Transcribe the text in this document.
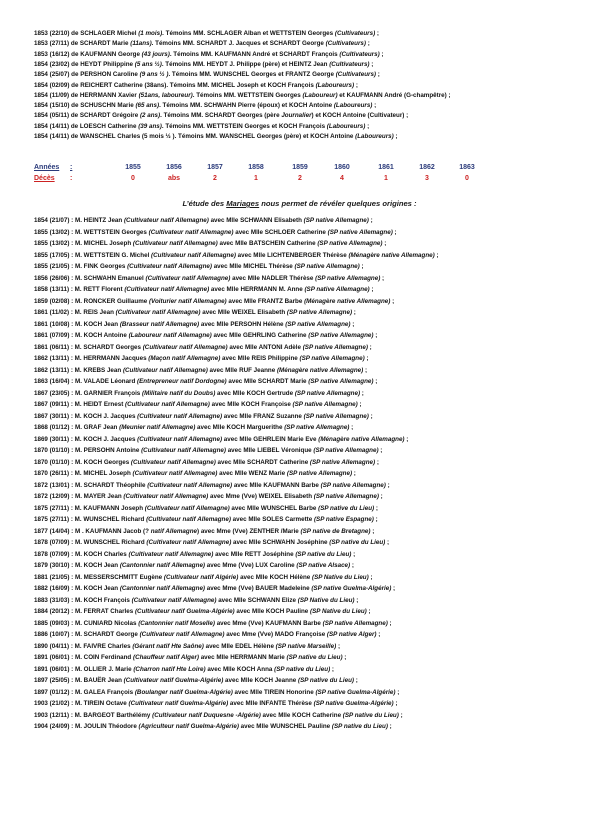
1853 (22/10) de SCHLAGER Michel (1 mois). Témoins MM. SCHLAGER Alban et WETTSTEIN Georges (Cultivateurs) ;
1853 (27/11) de SCHARDT Marie (11ans). Témoins MM. SCHARDT J. Jacques et SCHARDT George (Cultivateurs) ;
1853 (16/12) de KAUFMANN George (43 jours). Témoins MM. KAUFMANN André et SCHARDT François (Cultivateurs) ;
1854 (23/02) de HEYDT Philippine (5 ans ½). Témoins MM. HEYDT J. Philippe (père) et HEINTZ Jean (Cultivateurs) ;
1854 (25/07) de PERSHON Caroline (9 ans ½ ). Témoins MM. WUNSCHEL Georges et FRANTZ George (Cultivateurs) ;
1854 (02/09) de REICHERT Catherine (38ans). Témoins MM. MICHEL Joseph et KOCH François (Laboureurs) ;
1854 (11/09) de HERRMANN Xavier (51ans, laboureur). Témoins MM. WETTSTEIN Georges (Laboureur) et KAUFMANN André (G-champêtre) ;
1854 (15/10) de SCHUSCHN Marie (65 ans). Témoins MM. SCHWAHN Pierre (époux) et KOCH Antoine (Laboureurs) ;
1854 (05/11) de SCHARDT Grégoire (2 ans). Témoins MM. SCHARDT Georges (père Journalier) et KOCH Antoine (Cultivateur) ;
1854 (14/11) de LOESCH Catherine (39 ans). Témoins MM. WETTSTEIN Georges et KOCH François (Laboureurs) ;
1854 (14/11) de WANSCHEL Charles (5 mois ½ ). Témoins MM. WANSCHEL Georges (père) et KOCH Antoine (Laboureurs) ;
Années :
Décès :
1855
0
1856
abs
1857
2
1858
1
1859
2
1860
4
1861
1
1862
3
1863
0
L’étude des Mariages nous permet de révéler quelques origines :
1854 (21/07) : M. HEINTZ Jean (Cultivateur natif Allemagne) avec Mlle SCHWANN Elisabeth (SP native Allemagne) ;
1855 (13/02) : M. WETTSTEIN Georges (Cultivateur natif Allemagne) avec Mlle SCHLOER Catherine (SP native Allemagne) ;
1855 (13/02) : M. MICHEL Joseph (Cultivateur natif Allemagne) avec Mlle BATSCHEIN Catherine (SP native Allemagne) ;
1855 (17/05) : M. WETTSTEIN G. Michel (Cultivateur natif Allemagne) avec Mlle LICHTENBERGER Thérèse (Ménagère native Allemagne) ;
1855 (21/05) : M. FINK Georges (Cultivateur natif Allemagne) avec Mlle MICHEL Thérèse (SP native Allemagne) ;
1856 (26/06) : M. SCHWAHN Emanuel (Cultivateur natif Allemagne) avec Mlle NADLER Thérèse (SP native Allemagne) ;
1858 (13/11) : M. RETT Florent (Cultivateur natif Allemagne) avec Mlle HERRMANN M. Anne (SP native Allemagne) ;
1859 (02/08) : M. RONCKER Guillaume (Voiturier natif Allemagne) avec Mlle FRANTZ Barbe (Ménagère native Allemagne) ;
1861 (11/02) : M. REIS Jean (Cultivateur natif Allemagne) avec Mlle WEIXEL Elisabeth (SP native Allemagne) ;
1861 (10/08) : M. KOCH Jean (Brasseur natif Allemagne) avec Mlle PERSOHN Hélène (SP native Allemagne) ;
1861 (07/09) : M. KOCH Antoine (Laboureur natif Allemagne) avec Mlle GEHRLING Catherine (SP native Allemagne) ;
1861 (06/11) : M. SCHARDT Georges (Cultivateur natif Allemagne) avec Mlle ANTONI Adèle (SP native Allemagne) ;
1862 (13/11) : M. HERRMANN Jacques (Maçon natif Allemagne) avec Mlle REIS Philippine (SP native Allemagne) ;
1862 (13/11) : M. KREBS Jean (Cultivateur natif Allemagne) avec Mlle RUF Jeanne (Ménagère native Allemagne) ;
1863 (16/04) : M. VALADE Léonard (Entrepreneur natif Dordogne) avec Mlle SCHARDT Marie (SP native Allemagne) ;
1867 (23/05) : M. GARNIER François (Militaire natif du Doubs) avec Mlle KOCH Gertrude (SP native Allemagne) ;
1867 (09/11) : M. HEIDT Ernest (Cultivateur natif Allemagne) avec Mlle KOCH Françoise (SP native Allemagne) ;
1867 (30/11) : M. KOCH J. Jacques (Cultivateur natif Allemagne) avec Mlle FRANZ Suzanne (SP native Allemagne) ;
1868 (01/12) : M. GRAF Jean (Meunier natif Allemagne) avec Mlle KOCH Marguerithe (SP native Allemagne) ;
1869 (30/11) : M. KOCH J. Jacques (Cultivateur natif Allemagne) avec Mlle GEHRLEIN Marie Eve (Ménagère native Allemagne) ;
1870 (01/10) : M. PERSOHN Antoine (Cultivateur natif Allemagne) avec Mlle LIEBEL Véronique (SP native Allemagne) ;
1870 (01/10) : M. KOCH Georges (Cultivateur natif Allemagne) avec Mlle SCHARDT Catherine (SP native Allemagne) ;
1870 (26/11) : M. MICHEL Joseph (Cultivateur natif Allemagne) avec Mlle WENZ Marie (SP native Allemagne) ;
1872 (13/01) : M. SCHARDT Théophile (Cultivateur natif Allemagne) avec Mlle KAUFMANN Barbe (SP native Allemagne) ;
1872 (12/09) : M. MAYER Jean (Cultivateur natif Allemagne) avec Mme (Vve) WEIXEL Elisabeth (SP native Allemagne) ;
1875 (27/11) : M. KAUFMANN Joseph (Cultivateur natif Allemagne) avec Mlle WUNSCHEL Barbe (SP native du Lieu) ;
1875 (27/11) : M. WUNSCHEL Richard (Cultivateur natif Allemagne) avec Mlle SOLES Carmette (SP native Espagne) ;
1877 (14/04) : M . KAUFMANN Jacob (? natif Allemagne) avec Mme (Vve) ZENTHER /Marie (SP native de Bretagne) ;
1878 (07/09) : M. WUNSCHEL Richard (Cultivateur natif Allemagne) avec Mlle SCHWAHN Joséphine (SP native du Lieu) ;
1878 (07/09) : M. KOCH Charles (Cultivateur natif Allemagne) avec Mlle RETT Joséphine (SP native du Lieu) ;
1879 (30/10) : M. KOCH Jean (Cantonnier natif Allemagne) avec Mme (Vve) LUX Caroline (SP native Alsace) ;
1881 (21/05) : M. MESSERSCHMITT Eugène (Cultivateur natif Algérie) avec Mlle KOCH Hélène (SP Native du Lieu) ;
1882 (16/09) : M. KOCH Jean (Cantonnier natif Allemagne) avec Mme (Vve) BAUER Madeleine (SP native Guelma-Algérie) ;
1883 (31/03) : M. KOCH François (Cultivateur natif Allemagne) avec Mlle SCHWANN Elize (SP Native du Lieu) ;
1884 (20/12) : M. FERRAT Charles (Cultivateur natif Guelma-Algérie) avec Mlle KOCH Pauline (SP Native du Lieu) ;
1885 (09/03) : M. CUNIARD Nicolas (Cantonnier natif Moselle) avec Mme (Vve) KAUFMANN Barbe (SP native Allemagne) ;
1886 (10/07) : M. SCHARDT George (Cultivateur natif Allemagne) avec Mme (Vve) MADO Françoise (SP native Alger) ;
1890 (04/11) : M. FAIVRE Charles (Gérant natif Hte Saône) avec Mlle EDEL Hélène (SP native Marseille) ;
1891 (06/01) : M. COIN Ferdinand (Chauffeur natif Alger) avec Mlle HERRMANN Marie (SP native du Lieu) ;
1891 (06/01) : M. OLLIER J. Marie (Charron natif Hte Loire) avec Mlle KOCH Anna (SP native du Lieu) ;
1897 (25/05) : M. BAUËR Jean (Cultivateur natif Guelma-Algérie) avec Mlle KOCH Jeanne (SP native du Lieu) ;
1897 (01/12) : M. GALEA François (Boulanger natif Guelma-Algérie) avec Mlle TIREIN Honorine (SP native Guelma-Algérie) ;
1903 (21/02) : M. TIREIN Octave (Cultivateur natif Guelma-Algérie) avec Mlle INFANTE Thérèse (SP native Guelma-Algérie) ;
1903 (12/11) : M. BARGEOT Barthélémy (Cultivateur natif Duquesne -Algérie) avec Mlle KOCH Catherine (SP native du Lieu) ;
1904 (24/09) : M. JOULIN Théodore (Agriculteur natif Guelma-Algérie) avec Mlle WUNSCHEL Pauline (SP native du Lieu) ;
